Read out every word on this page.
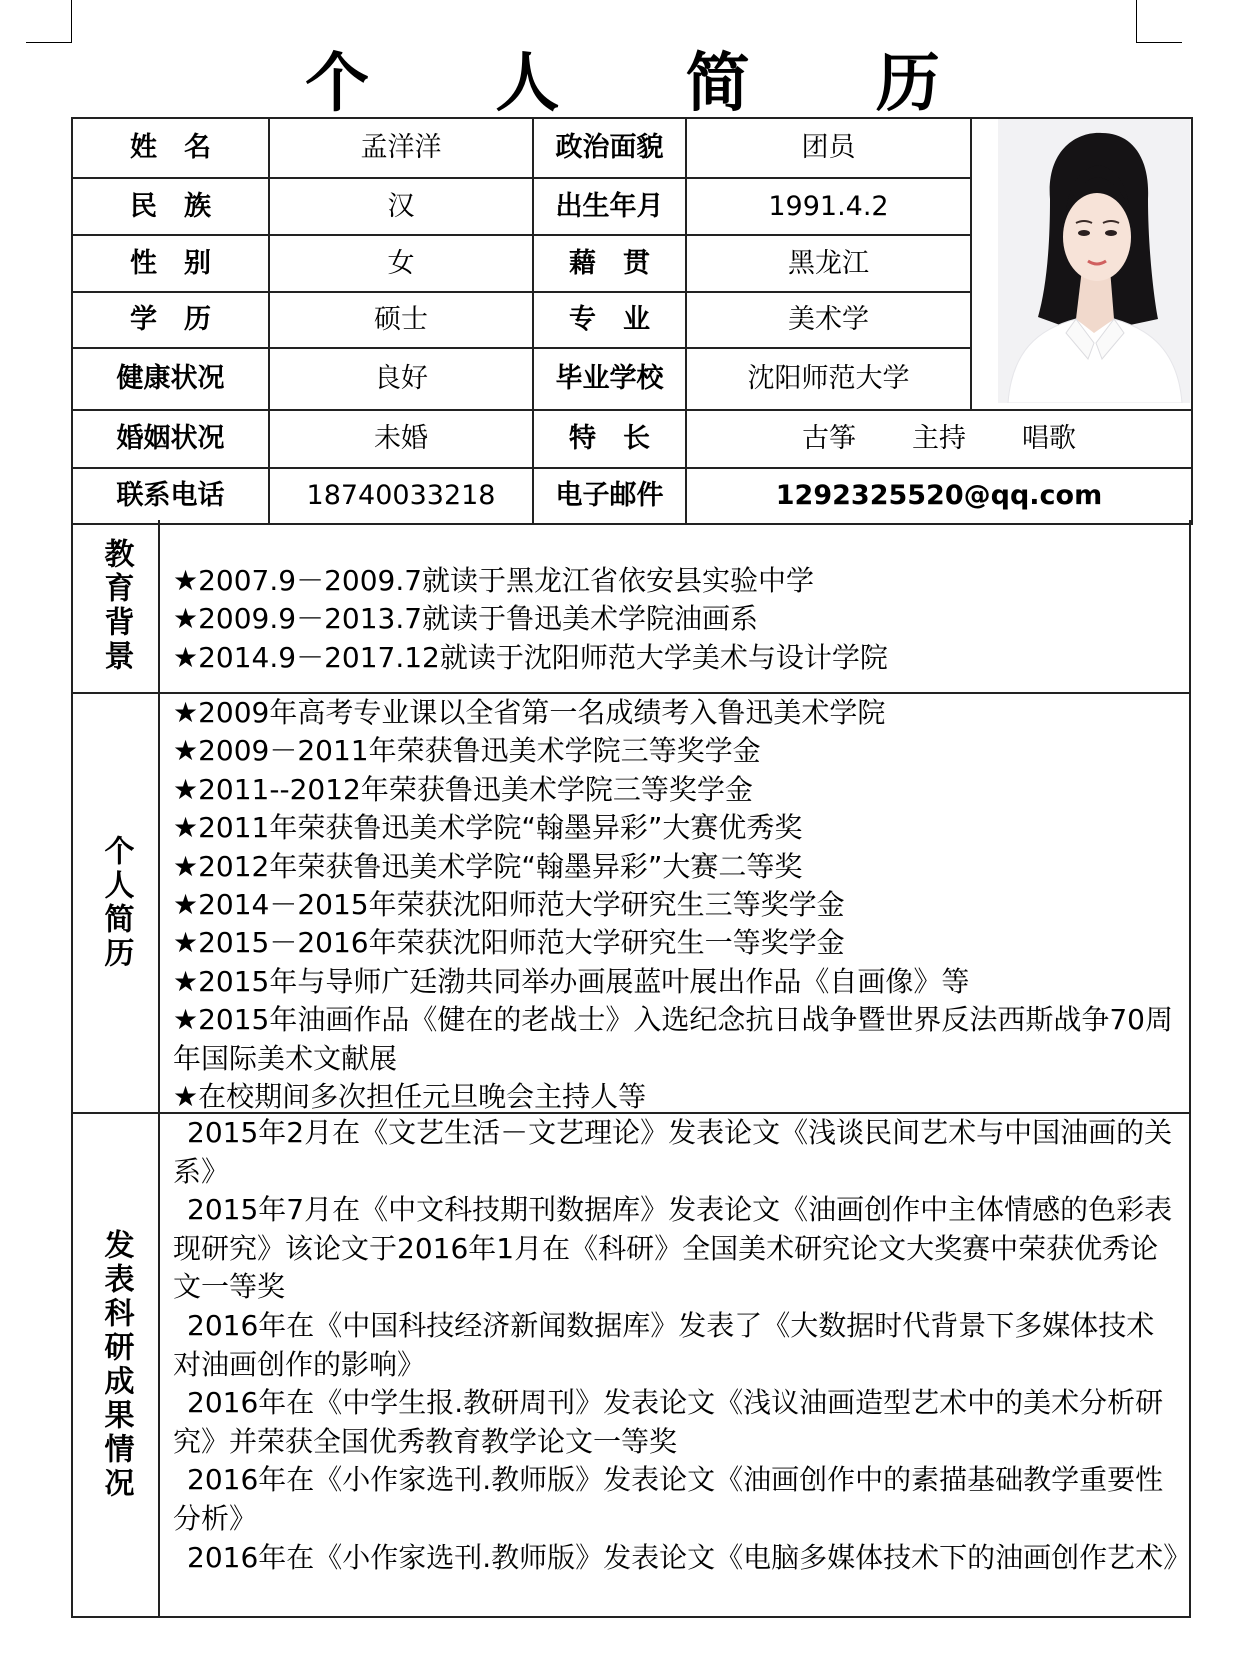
个 人 简 历
姓　名	孟洋洋	政治面貌	团员	
民　族	汉	出生年月	1991.4.2	
性　别	女	藉　贯	黑龙江	
学　历	硕士	专　业	美术学	
健康状况	良好	毕业学校	沈阳师范大学	
婚姻状况	未婚	特　长	古筝 主持 唱歌	

联系电话	18740033218	电子邮件	1292325520@qq.com	
教育背景 ★2007.9－2009.7就读于黑龙江省依安县实验中学
★2009.9－2013.7就读于鲁迅美术学院油画系
★2014.9－2017.12就读于沈阳师范大学美术与设计学院
个人简历
★2009年高考专业课以全省第一名成绩考入鲁迅美术学院
★2009－2011年荣获鲁迅美术学院三等奖学金
★2011--2012年荣获鲁迅美术学院三等奖学金
★2011年荣获鲁迅美术学院“翰墨异彩”大赛优秀奖
★2012年荣获鲁迅美术学院“翰墨异彩”大赛二等奖
★2014－2015年荣获沈阳师范大学研究生三等奖学金
★2015－2016年荣获沈阳师范大学研究生一等奖学金
★2015年与导师广廷渤共同举办画展蓝叶展出作品《自画像》等
★2015年油画作品《健在的老战士》入选纪念抗日战争暨世界反法西斯战争70周年国际美术文献展
★在校期间多次担任元旦晚会主持人等
发表科研成果情况
2015年2月在《文艺生活－文艺理论》发表论文《浅谈民间艺术与中国油画的关系》
2015年7月在《中文科技期刊数据库》发表论文《油画创作中主体情感的色彩表现研究》该论文于2016年1月在《科研》全国美术研究论文大奖赛中荣获优秀论文一等奖
2016年在《中国科技经济新闻数据库》发表了《大数据时代背景下多媒体技术对油画创作的影响》
2016年在《中学生报.教研周刊》发表论文《浅议油画造型艺术中的美术分析研究》并荣获全国优秀教育教学论文一等奖
2016年在《小作家选刊.教师版》发表论文《油画创作中的素描基础教学重要性分析》
2016年在《小作家选刊.教师版》发表论文《电脑多媒体技术下的油画创作艺术》
